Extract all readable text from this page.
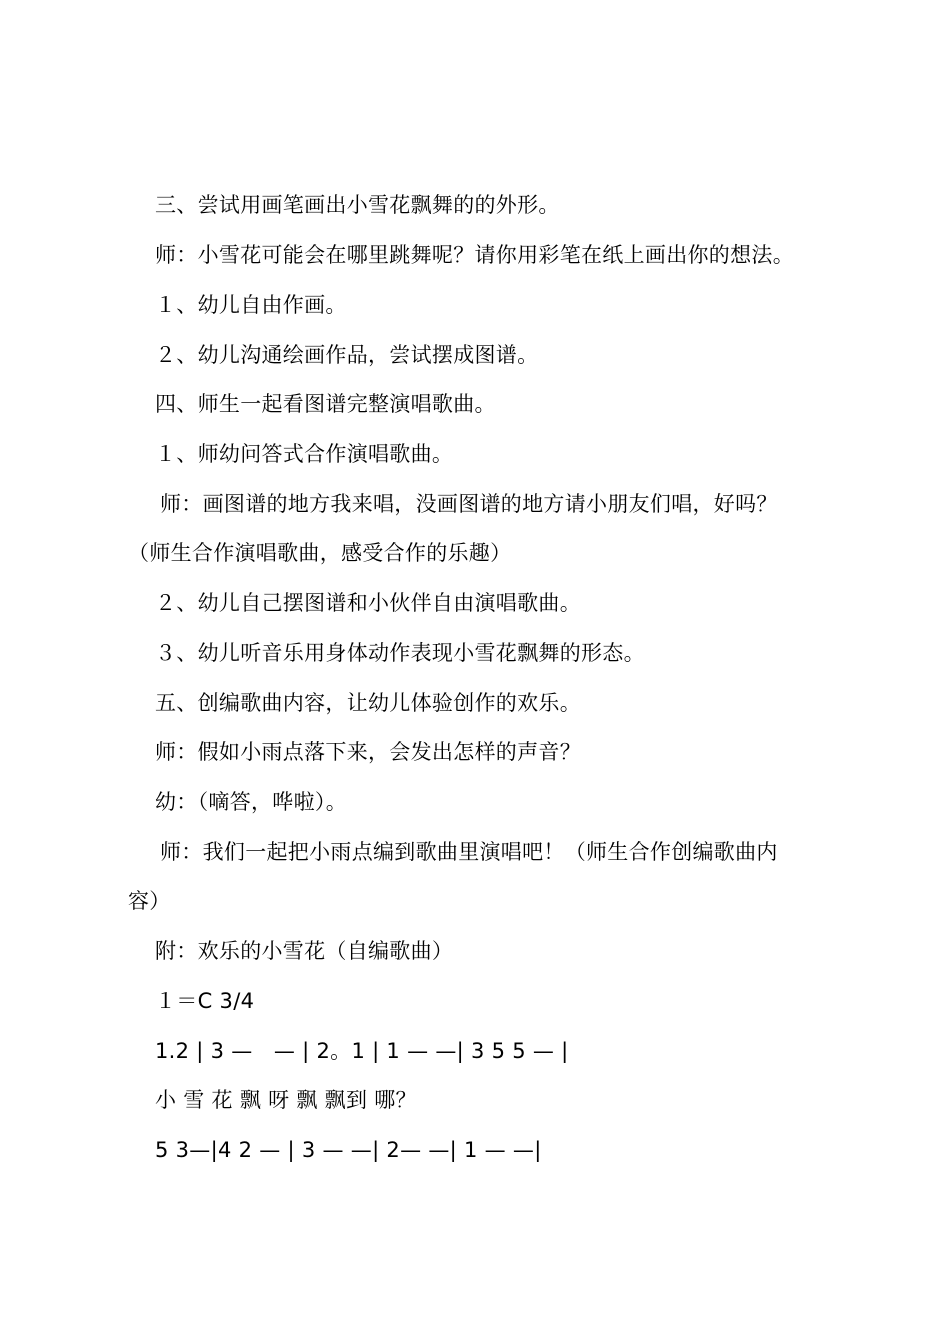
三、尝试用画笔画出小雪花飘舞的的外形。
师：小雪花可能会在哪里跳舞呢？请你用彩笔在纸上画出你的想法。
１、幼儿自由作画。
２、幼儿沟通绘画作品，尝试摆成图谱。
四、师生一起看图谱完整演唱歌曲。
１、师幼问答式合作演唱歌曲。
师：画图谱的地方我来唱，没画图谱的地方请小朋友们唱，好吗？
（师生合作演唱歌曲，感受合作的乐趣）
２、幼儿自己摆图谱和小伙伴自由演唱歌曲。
３、幼儿听音乐用身体动作表现小雪花飘舞的形态。
五、创编歌曲内容，让幼儿体验创作的欢乐。
师：假如小雨点落下来，会发出怎样的声音？
幼：（嘀答，哗啦）。
师：我们一起把小雨点编到歌曲里演唱吧！（师生合作创编歌曲内
容）
附：欢乐的小雪花（自编歌曲）
１＝C 3/4
1.2 | 3 —　— | 2。1 | 1 — —| 3 5 5 — |
小 雪 花 飘 呀 飘 飘到 哪？
5 3—|4 2 — | 3 — —| 2— —| 1 — —|
